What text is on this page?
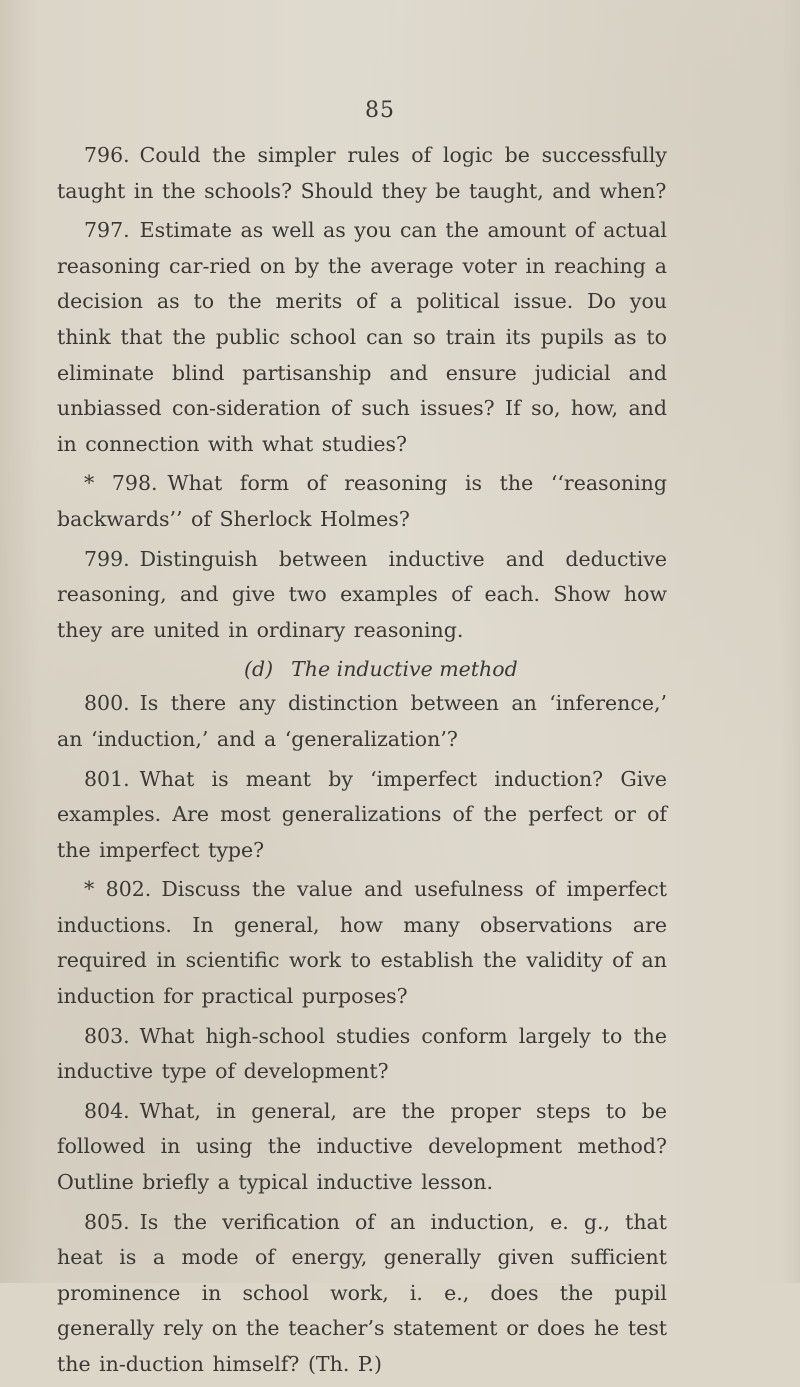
85

796. Could the simpler rules of logic be successfully taught in the schools? Should they be taught, and when?

797. Estimate as well as you can the amount of actual reasoning car-ried on by the average voter in reaching a decision as to the merits of a political issue. Do you think that the public school can so train its pupils as to eliminate blind partisanship and ensure judicial and unbiassed con-sideration of such issues? If so, how, and in connection with what studies?

* 798. What form of reasoning is the ‘‘reasoning backwards’’ of Sherlock Holmes?

799. Distinguish between inductive and deductive reasoning, and give two examples of each. Show how they are united in ordinary reasoning.

(d) The inductive method

800. Is there any distinction between an ‘inference,’ an ‘induction,’ and a ‘generalization’?

801. What is meant by ‘imperfect induction? Give examples. Are most generalizations of the perfect or of the imperfect type?

* 802. Discuss the value and usefulness of imperfect inductions. In general, how many observations are required in scientific work to establish the validity of an induction for practical purposes?

803. What high-school studies conform largely to the inductive type of development?

804. What, in general, are the proper steps to be followed in using the inductive development method? Outline briefly a typical inductive lesson.

805. Is the verification of an induction, e. g., that heat is a mode of energy, generally given sufficient prominence in school work, i. e., does the pupil generally rely on the teacher’s statement or does he test the in-duction himself? (Th. P.)
